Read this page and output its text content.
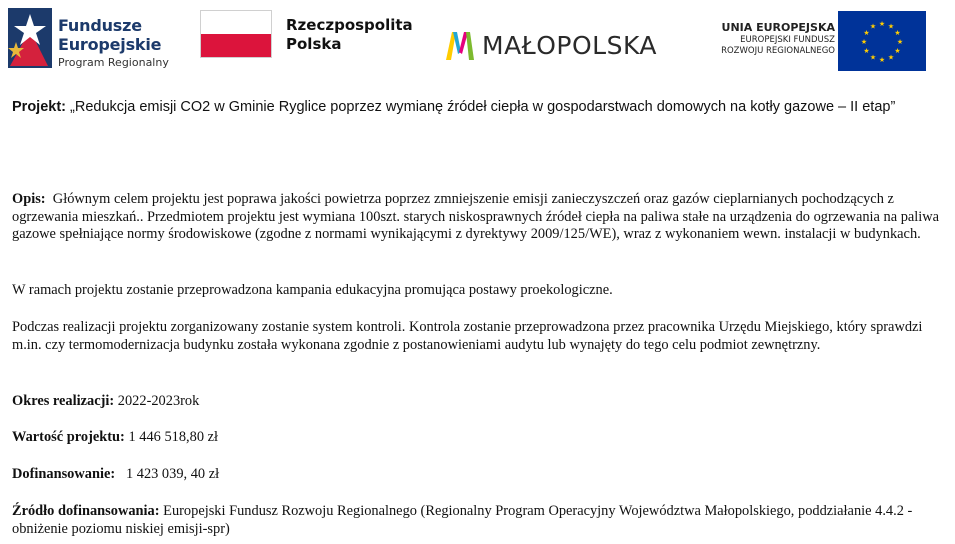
Fundusze
Europejskie
Program Regionalny
Rzeczpospolita
Polska	MAŁOPOLSKA
UNIA EUROPEJSKA
EUROPEJSKI FUNDUSZ
ROZWOJU REGIONALNEGO
★ ★
★
★
★
★
★
★
★
★
★
★
Projekt: „Redukcja emisji CO2 w Gminie Ryglice poprzez wymianę źródeł ciepła w gospodarstwach domowych na kotły gazowe – II etap”

Opis: Głównym celem projektu jest poprawa jakości powietrza poprzez zmniejszenie emisji zanieczyszczeń oraz gazów cieplarnianych pochodzących z ogrzewania mieszkań.. Przedmiotem projektu jest wymiana 100szt. starych niskosprawnych źródeł ciepła na paliwa stałe na urządzenia do ogrzewania na paliwa gazowe spełniające normy środowiskowe (zgodne z normami wynikającymi z dyrektywy 2009/125/WE), wraz z wykonaniem wewn. instalacji w budynkach.

W ramach projektu zostanie przeprowadzona kampania edukacyjna promująca postawy proekologiczne.

Podczas realizacji projektu zorganizowany zostanie system kontroli. Kontrola zostanie przeprowadzona przez pracownika Urzędu Miejskiego, który sprawdzi m.in. czy termomodernizacja budynku została wykonana zgodnie z postanowieniami audytu lub wynajęty do tego celu podmiot zewnętrzny.

Okres realizacji: 2022-2023rok

Wartość projektu: 1 446 518,80 zł

Dofinansowanie: 1 423 039, 40 zł

Źródło dofinansowania: Europejski Fundusz Rozwoju Regionalnego (Regionalny Program Operacyjny Województwa Małopolskiego, poddziałanie 4.4.2 - obniżenie poziomu niskiej emisji-spr)
